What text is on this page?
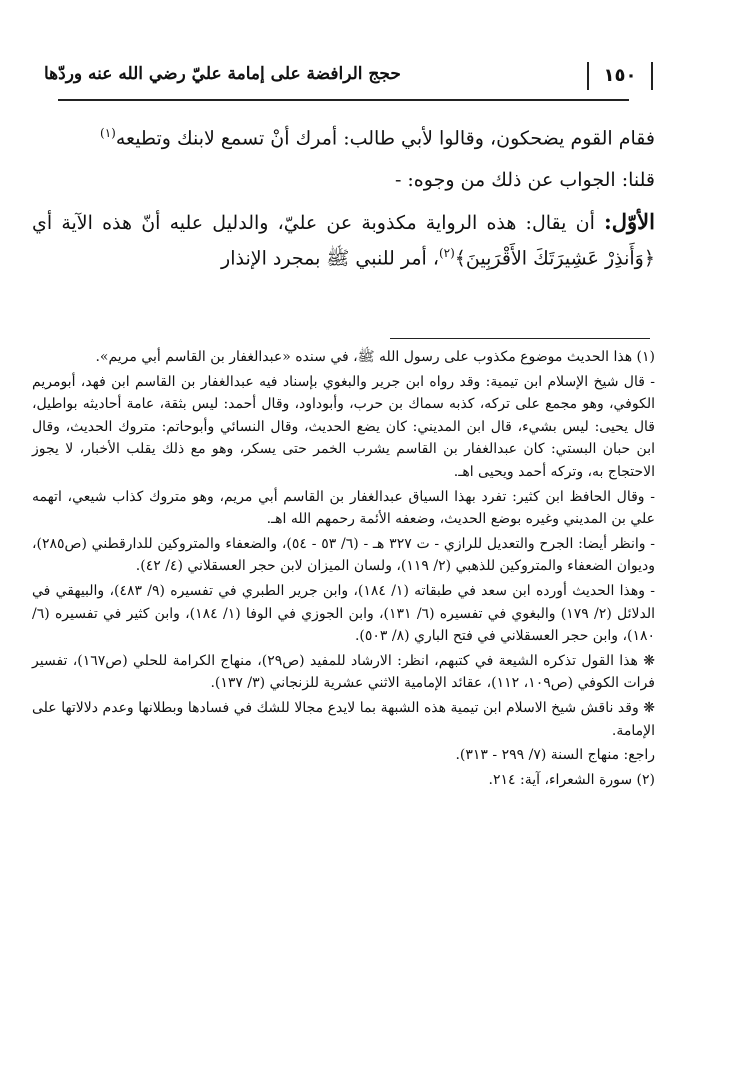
١٥٠
حجج الرافضة على إمامة عليّ رضي الله عنه وردّها

فقام القوم يضحكون، وقالوا لأبي طالب: أمرك أنْ تسمع لابنك وتطيعه$^{(١)}$

قلنا: الجواب عن ذلك من وجوه: -

الأوّل: أن يقال: هذه الرواية مكذوبة عن عليّ، والدليل عليه أنّ هذه الآية أي ﴿وَأَنذِرْ عَشِيرَتَكَ الأَقْرَبِينَ﴾$^{(٢)}$، أمر للنبي ﷺ بمجرد الإنذار

(١) هذا الحديث موضوع مكذوب على رسول الله ﷺ، في سنده «عبدالغفار بن القاسم أبي مريم».

- قال شيخ الإسلام ابن تيمية: وقد رواه ابن جرير والبغوي بإسناد فيه عبدالغفار بن القاسم ابن فهد، أبومريم الكوفي، وهو مجمع على تركه، كذبه سماك بن حرب، وأبوداود، وقال أحمد: ليس بثقة، عامة أحاديثه بواطيل، قال يحيى: ليس بشيء، قال ابن المديني: كان يضع الحديث، وقال النسائي وأبوحاتم: متروك الحديث، وقال ابن حبان البستي: كان عبدالغفار بن القاسم يشرب الخمر حتى يسكر، وهو مع ذلك يقلب الأخبار، لا يجوز الاحتجاج به، وتركه أحمد ويحيى اهـ.

- وقال الحافظ ابن كثير: تفرد بهذا السياق عبدالغفار بن القاسم أبي مريم، وهو متروك كذاب شيعي، اتهمه علي بن المديني وغيره بوضع الحديث، وضعفه الأئمة رحمهم الله اهـ.

- وانظر أيضا: الجرح والتعديل للرازي - ت ٣٢٧ هـ - (٦/ ٥٣ - ٥٤)، والضعفاء والمتروكين للدارقطني (ص٢٨٥)، وديوان الضعفاء والمتروكين للذهبي (٢/ ١١٩)، ولسان الميزان لابن حجر العسقلاني (٤/ ٤٢).

- وهذا الحديث أورده ابن سعد في طبقاته (١/ ١٨٤)، وابن جرير الطبري في تفسيره (٩/ ٤٨٣)، والبيهقي في الدلائل (٢/ ١٧٩) والبغوي في تفسيره (٦/ ١٣١)، وابن الجوزي في الوفا (١/ ١٨٤)، وابن كثير في تفسيره (٦/ ١٨٠)، وابن حجر العسقلاني في فتح الباري (٨/ ٥٠٣).

❋ هذا القول تذكره الشيعة في كتبهم، انظر: الارشاد للمفيد (ص٢٩)، منهاج الكرامة للحلي (ص١٦٧)، تفسير فرات الكوفي (ص١٠٩، ١١٢)، عقائد الإمامية الاثني عشرية للزنجاني (٣/ ١٣٧).

❋ وقد ناقش شيخ الاسلام ابن تيمية هذه الشبهة بما لايدع مجالا للشك في فسادها وبطلانها وعدم دلالاتها على الإمامة.

راجع: منهاج السنة (٧/ ٢٩٩ - ٣١٣).

(٢) سورة الشعراء، آية: ٢١٤.
